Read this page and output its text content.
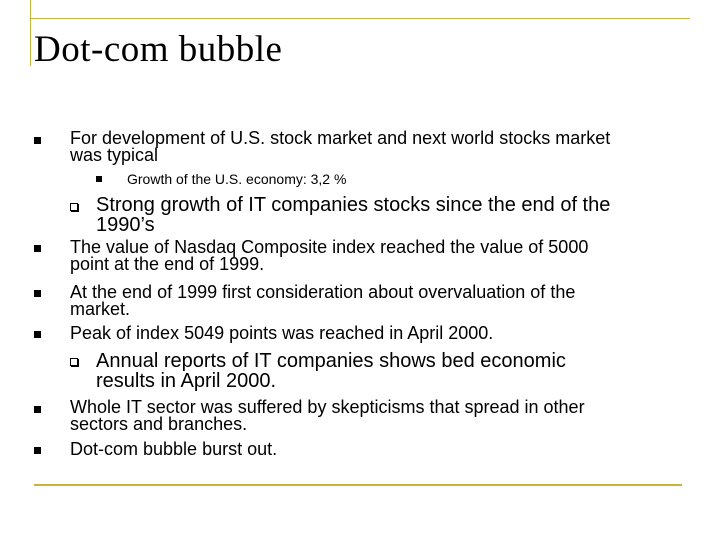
Dot-com bubble
For development of U.S. stock market and next world stocks market
was typical
Growth of the U.S. economy: 3,2 %
Strong growth of IT companies stocks since the end of the
1990’s
The value of Nasdaq Composite index reached the value of 5000
point at the end of 1999.
At the end of 1999 first consideration about overvaluation of the
market.
Peak of index 5049 points was reached in April 2000.
Annual reports of IT companies shows bed economic
results in April 2000.
Whole IT sector was suffered by skepticisms that spread in other
sectors and branches.
Dot-com bubble burst out.
